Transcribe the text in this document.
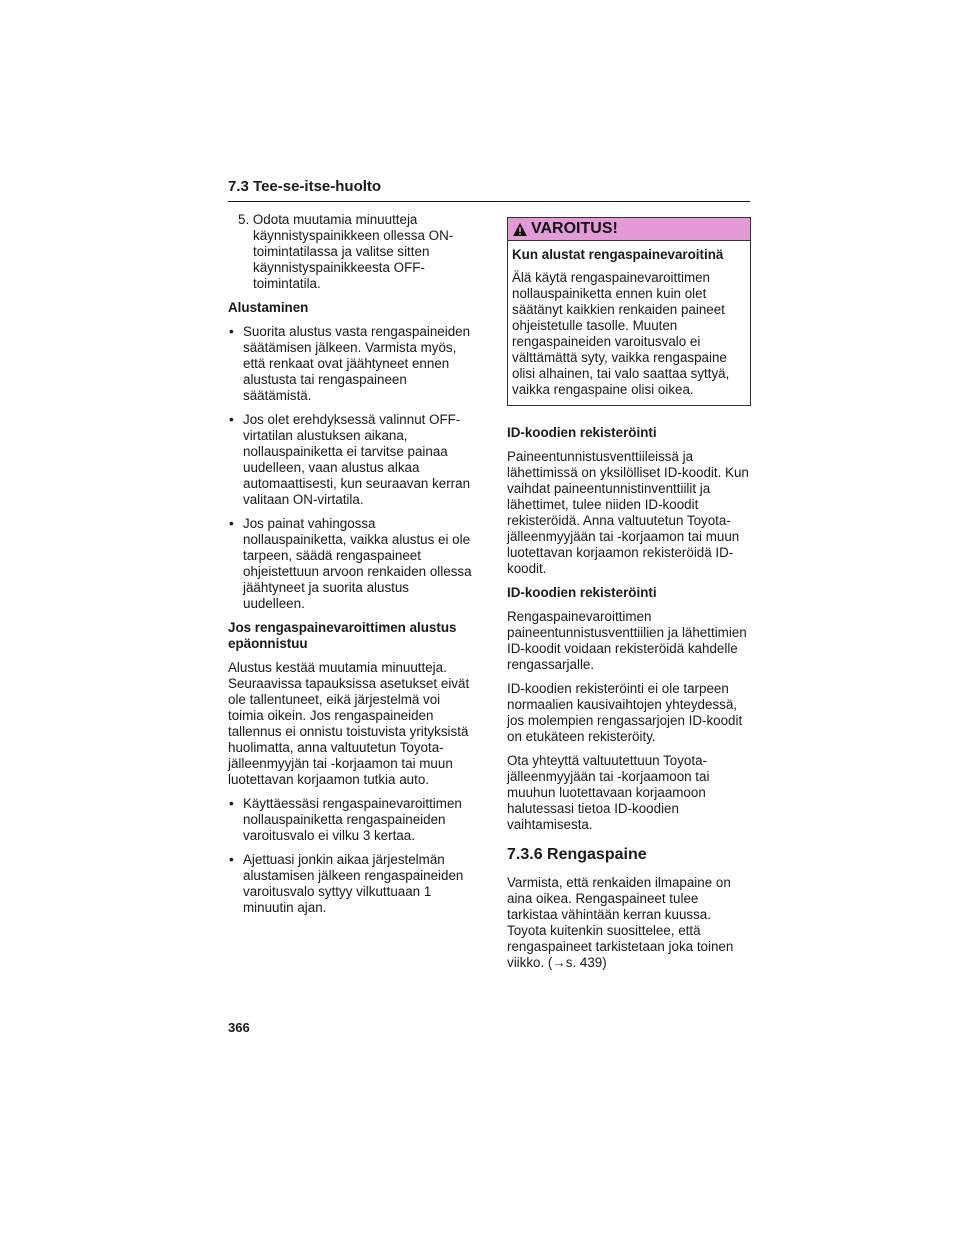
7.3 Tee-se-itse-huolto
5. Odota muutamia minuutteja käynnistyspainikkeen ollessa ON-toimintatilassa ja valitse sitten käynnistyspainikkeesta OFF-toimintatila.
Alustaminen
• Suorita alustus vasta rengaspaineiden säätämisen jälkeen. Varmista myös, että renkaat ovat jäähtyneet ennen alustusta tai rengaspaineen säätämistä.
• Jos olet erehdyksessä valinnut OFF-virtatilan alustuksen aikana, nollauspainiketta ei tarvitse painaa uudelleen, vaan alustus alkaa automaattisesti, kun seuraavan kerran valitaan ON-virtatila.
• Jos painat vahingossa nollauspainiketta, vaikka alustus ei ole tarpeen, säädä rengaspaineet ohjeistettuun arvoon renkaiden ollessa jäähtyneet ja suorita alustus uudelleen.
Jos rengaspainevaroittimen alustus epäonnistuu

Alustus kestää muutamia minuutteja. Seuraavissa tapauksissa asetukset eivät ole tallentuneet, eikä järjestelmä voi toimia oikein. Jos rengaspaineiden tallennus ei onnistu toistuvista yrityksistä huolimatta, anna valtuutetun Toyota-jälleenmyyjän tai -korjaamon tai muun luotettavan korjaamon tutkia auto.

• Käyttäessäsi rengaspainevaroittimen nollauspainiketta rengaspaineiden varoitusvalo ei vilku 3 kertaa.
• Ajettuasi jonkin aikaa järjestelmän alustamisen jälkeen rengaspaineiden varoitusvalo syttyy vilkuttuaan 1 minuutin ajan.
VAROITUS!
Kun alustat rengaspainevaroitinä
Älä käytä rengaspainevaroittimen nollauspainiketta ennen kuin olet säätänyt kaikkien renkaiden paineet ohjeistetulle tasolle. Muuten rengaspaineiden varoitusvalo ei välttämättä syty, vaikka rengaspaine olisi alhainen, tai valo saattaa syttyä, vaikka rengaspaine olisi oikea.
ID-koodien rekisteröinti

Paineentunnistusventtiileissä ja lähettimissä on yksilölliset ID-koodit. Kun vaihdat paineentunnistinventtiilit ja lähettimet, tulee niiden ID-koodit rekisteröidä. Anna valtuutetun Toyota-jälleenmyyjään tai -korjaamon tai muun luotettavan korjaamon rekisteröidä ID-koodit.

ID-koodien rekisteröinti

Rengaspainevaroittimen paineentunnistusventtiilien ja lähettimien ID-koodit voidaan rekisteröidä kahdelle rengassarjalle.

ID-koodien rekisteröinti ei ole tarpeen normaalien kausivaihtojen yhteydessä, jos molempien rengassarjojen ID-koodit on etukäteen rekisteröity.

Ota yhteyttä valtuutettuun Toyota-jälleenmyyjään tai -korjaamoon tai muuhun luotettavaan korjaamoon halutessasi tietoa ID-koodien vaihtamisesta.

7.3.6 Rengaspaine

Varmista, että renkaiden ilmapaine on aina oikea. Rengaspaineet tulee tarkistaa vähintään kerran kuussa. Toyota kuitenkin suosittelee, että rengaspaineet tarkistetaan joka toinen viikko. (→s. 439)

366
